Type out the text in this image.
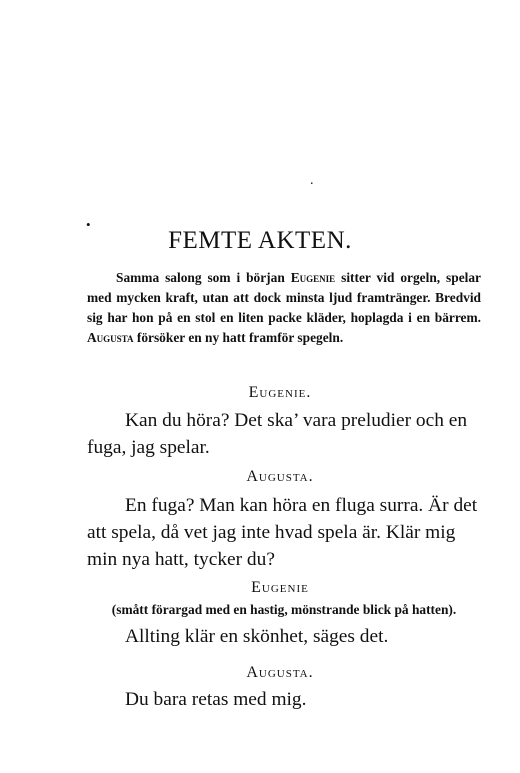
.
•
FEMTE AKTEN.

Samma salong som i början Eugenie sitter vid orgeln, spelar med mycken kraft, utan att dock minsta ljud framtränger. Bredvid sig har hon på en stol en liten packe kläder, hoplagda i en bärrem. Augusta försöker en ny hatt framför spegeln.

Eugenie.

Kan du höra? Det ska’ vara preludier och en fuga, jag spelar.

Augusta.

En fuga? Man kan höra en fluga surra. Är det att spela, då vet jag inte hvad spela är. Klär mig min nya hatt, tycker du?

Eugenie
(smått förargad med en hastig, mönstrande blick på hatten).

Allting klär en skönhet, säges det.

Augusta.

Du bara retas med mig.
